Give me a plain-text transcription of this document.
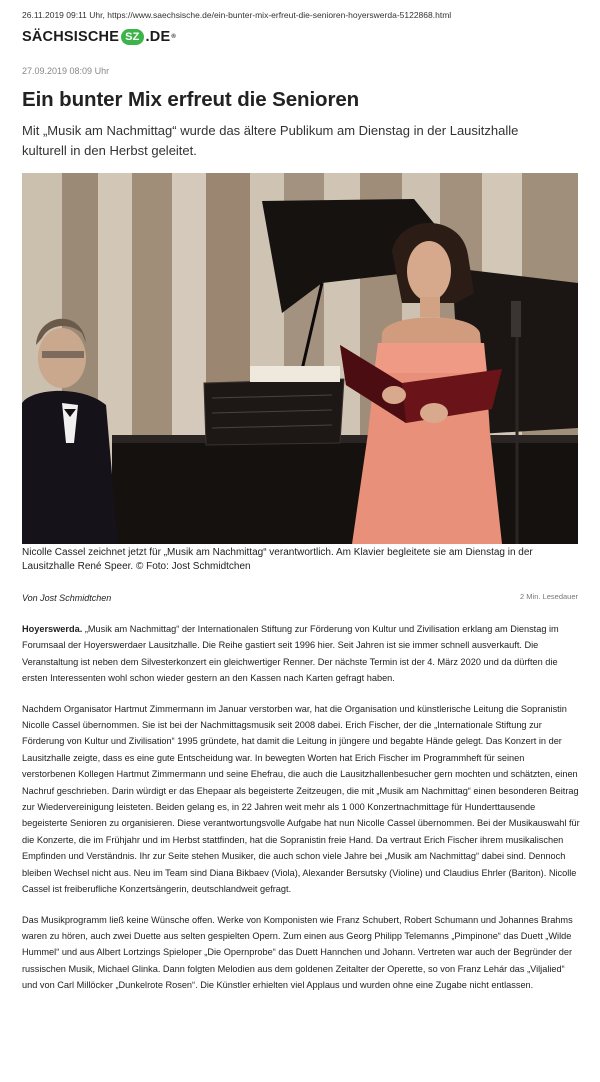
26.11.2019 09:11 Uhr, https://www.saechsische.de/ein-bunter-mix-erfreut-die-senioren-hoyerswerda-5122868.html
SÄCHSISCHE SZ .DE ®
27.09.2019 08:09 Uhr
Ein bunter Mix erfreut die Senioren
Mit „Musik am Nachmittag“ wurde das ältere Publikum am Dienstag in der Lausitzhalle kulturell in den Herbst geleitet.
Nicolle Cassel zeichnet jetzt für „Musik am Nachmittag“ verantwortlich. Am Klavier begleitete sie am Dienstag in der Lausitzhalle René Speer. © Foto: Jost Schmidtchen
Von Jost Schmidtchen	2 Min. Lesedauer

Hoyerswerda. „Musik am Nachmittag“ der Internationalen Stiftung zur Förderung von Kultur und Zivilisation erklang am Dienstag im Forumsaal der Hoyerswerdaer Lausitzhalle. Die Reihe gastiert seit 1996 hier. Seit Jahren ist sie immer schnell ausverkauft. Die Veranstaltung ist neben dem Silvesterkonzert ein gleichwertiger Renner. Der nächste Termin ist der 4. März 2020 und da dürften die ersten Interessenten wohl schon wieder gestern an den Kassen nach Karten gefragt haben.

Nachdem Organisator Hartmut Zimmermann im Januar verstorben war, hat die Organisation und künstlerische Leitung die Sopranistin Nicolle Cassel übernommen. Sie ist bei der Nachmittagsmusik seit 2008 dabei. Erich Fischer, der die „Internationale Stiftung zur Förderung von Kultur und Zivilisation“ 1995 gründete, hat damit die Leitung in jüngere und begabte Hände gelegt. Das Konzert in der Lausitzhalle zeigte, dass es eine gute Entscheidung war. In bewegten Worten hat Erich Fischer im Programmheft für seinen verstorbenen Kollegen Hartmut Zimmermann und seine Ehefrau, die auch die Lausitzhallenbesucher gern mochten und schätzten, einen Nachruf geschrieben. Darin würdigt er das Ehepaar als begeisterte Zeitzeugen, die mit „Musik am Nachmittag“ einen besonderen Beitrag zur Wiedervereinigung leisteten. Beiden gelang es, in 22 Jahren weit mehr als 1 000 Konzertnachmittage für Hunderttausende begeisterte Senioren zu organisieren. Diese verantwortungsvolle Aufgabe hat nun Nicolle Cassel übernommen. Bei der Musikauswahl für die Konzerte, die im Frühjahr und im Herbst stattfinden, hat die Sopranistin freie Hand. Da vertraut Erich Fischer ihrem musikalischen Empfinden und Verständnis. Ihr zur Seite stehen Musiker, die auch schon viele Jahre bei „Musik am Nachmittag“ dabei sind. Dennoch bleiben Wechsel nicht aus. Neu im Team sind Diana Bikbaev (Viola), Alexander Bersutsky (Violine) und Claudius Ehrler (Bariton). Nicolle Cassel ist freiberufliche Konzertsängerin, deutschlandweit gefragt.

Das Musikprogramm ließ keine Wünsche offen. Werke von Komponisten wie Franz Schubert, Robert Schumann und Johannes Brahms waren zu hören, auch zwei Duette aus selten gespielten Opern. Zum einen aus Georg Philipp Telemanns „Pimpinone“ das Duett „Wilde Hummel“ und aus Albert Lortzings Spieloper „Die Opernprobe“ das Duett Hannchen und Johann. Vertreten war auch der Begründer der russischen Musik, Michael Glinka. Dann folgten Melodien aus dem goldenen Zeitalter der Operette, so von Franz Lehár das „Viljalied“ und von Carl Millöcker „Dunkelrote Rosen“. Die Künstler erhielten viel Applaus und wurden ohne eine Zugabe nicht entlassen.
